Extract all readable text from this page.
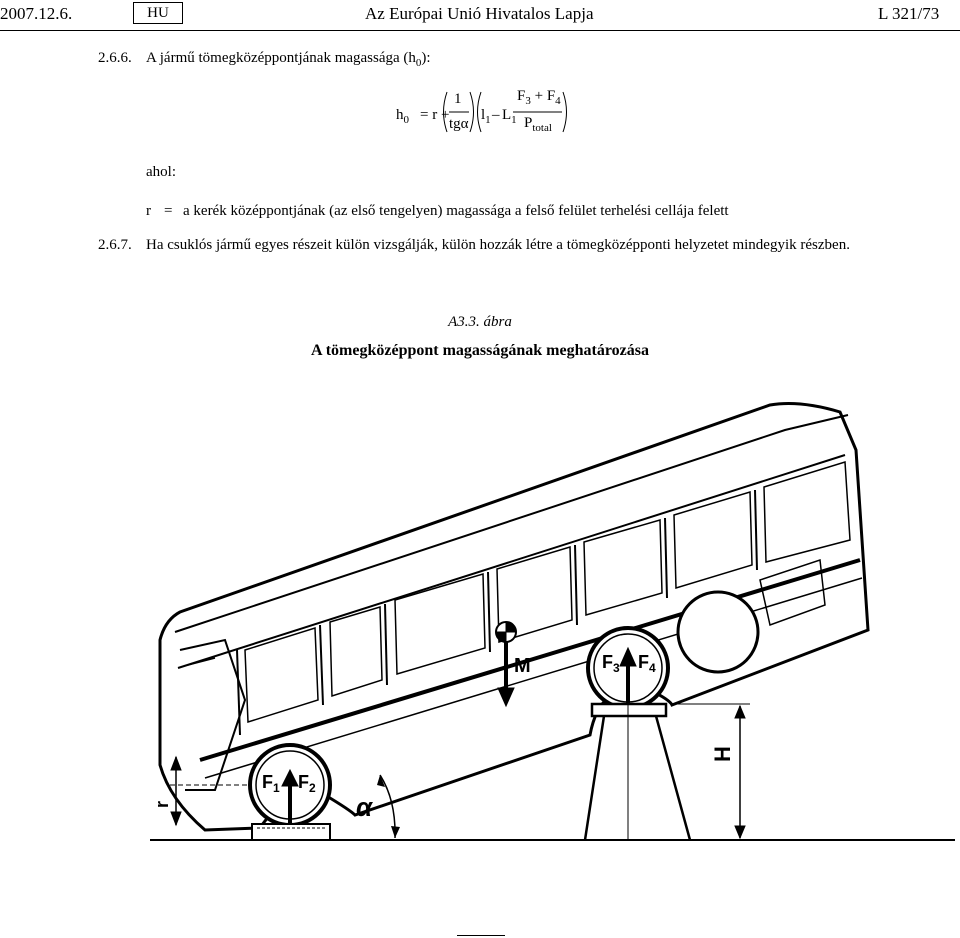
2007.12.6.	HU	Az Európai Unió Hivatalos Lapja	L 321/73
2.6.6. A jármű tömegközéppontjának magassága $(h_0)$:
$h_0 = r$ +
1
tgα
$l_1 - L_1$
$F_3 + F_4$
$P_{total}$
ahol:
r = a kerék középpontjának (az első tengelyen) magassága a felső felület terhelési cellája felett
2.6.7. Ha csuklós jármű egyes részeit külön vizsgálják, külön hozzák létre a tömegközépponti helyzetet mindegyik részben.
A3.3. ábra
A tömegközéppont magasságának meghatározása
H
r	α
M
$F_1$ $F_2$
$F_3$ $F_4$
